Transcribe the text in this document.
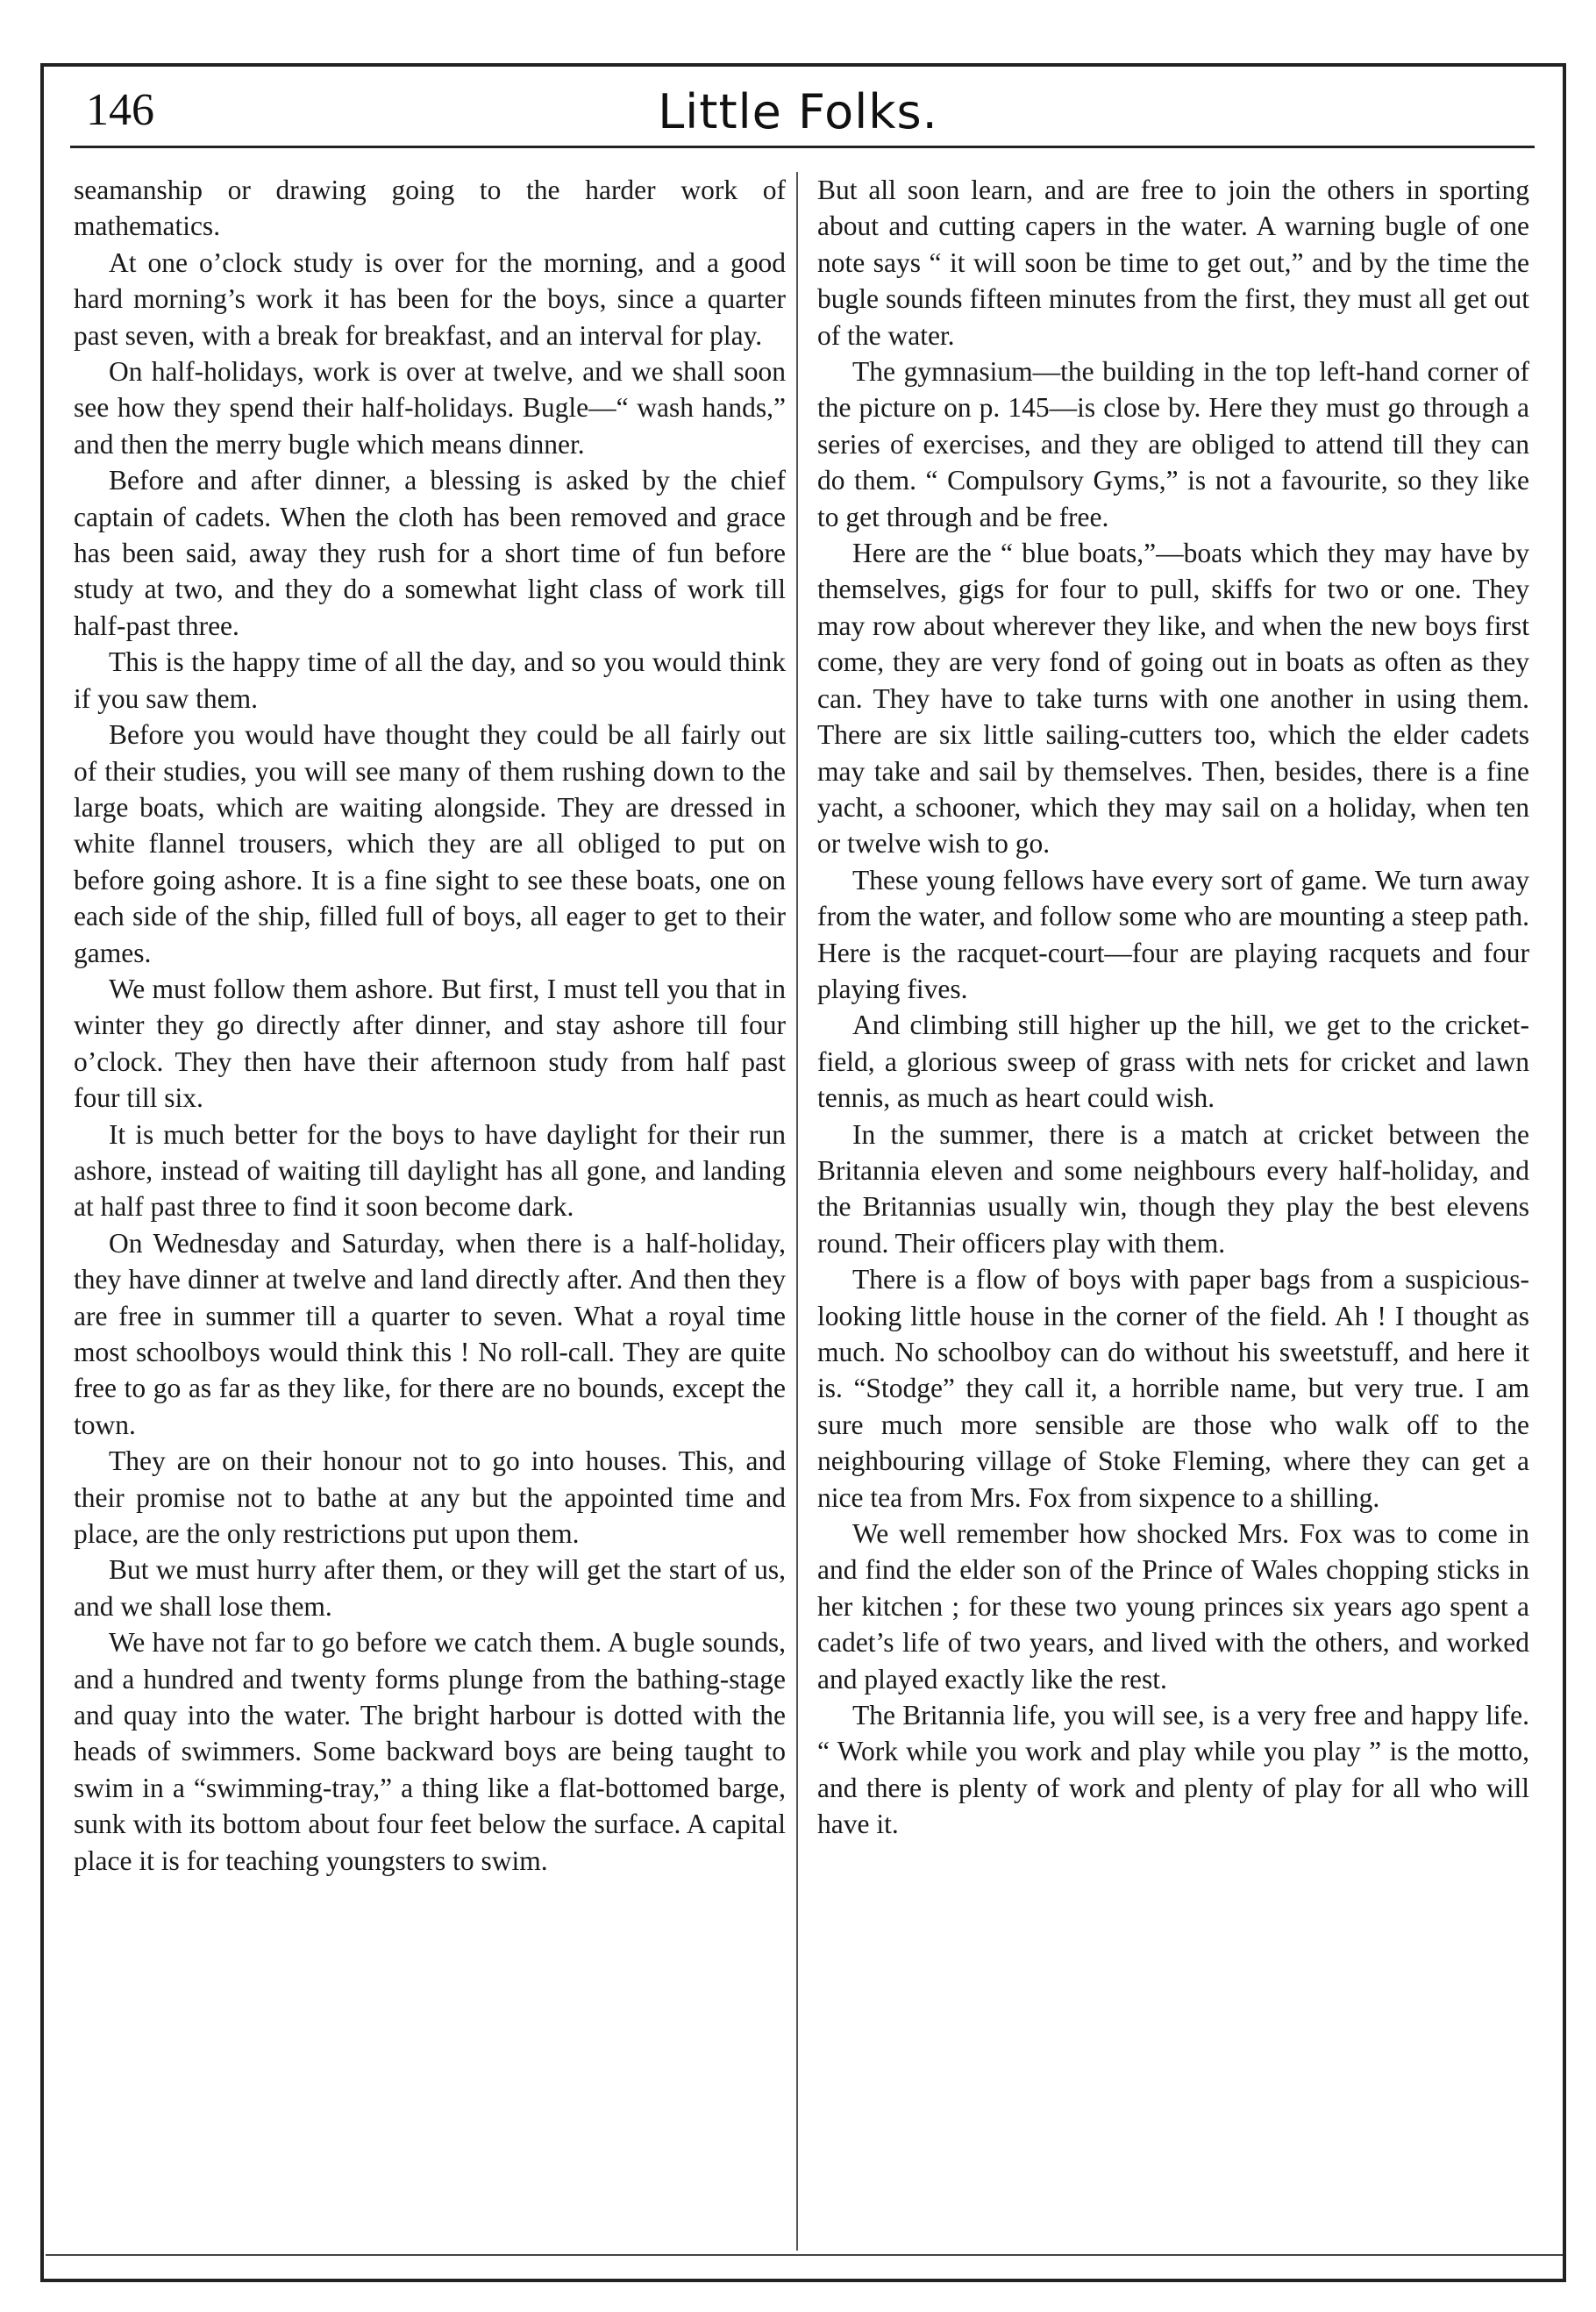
146	Little Folks.

seamanship or drawing going to the harder work of mathematics.

At one o’clock study is over for the morning, and a good hard morning’s work it has been for the boys, since a quarter past seven, with a break for breakfast, and an interval for play.

On half-holidays, work is over at twelve, and we shall soon see how they spend their half-holidays. Bugle—“ wash hands,” and then the merry bugle which means dinner.

Before and after dinner, a blessing is asked by the chief captain of cadets. When the cloth has been removed and grace has been said, away they rush for a short time of fun before study at two, and they do a somewhat light class of work till half-past three.

This is the happy time of all the day, and so you would think if you saw them.

Before you would have thought they could be all fairly out of their studies, you will see many of them rushing down to the large boats, which are waiting alongside. They are dressed in white flannel trousers, which they are all obliged to put on before going ashore. It is a fine sight to see these boats, one on each side of the ship, filled full of boys, all eager to get to their games.

We must follow them ashore. But first, I must tell you that in winter they go directly after dinner, and stay ashore till four o’clock. They then have their afternoon study from half past four till six.

It is much better for the boys to have daylight for their run ashore, instead of waiting till daylight has all gone, and landing at half past three to find it soon become dark.

On Wednesday and Saturday, when there is a half-holiday, they have dinner at twelve and land directly after. And then they are free in summer till a quarter to seven. What a royal time most schoolboys would think this ! No roll-call. They are quite free to go as far as they like, for there are no bounds, except the town.

They are on their honour not to go into houses. This, and their promise not to bathe at any but the appointed time and place, are the only restrictions put upon them.

But we must hurry after them, or they will get the start of us, and we shall lose them.

We have not far to go before we catch them. A bugle sounds, and a hundred and twenty forms plunge from the bathing-stage and quay into the water. The bright harbour is dotted with the heads of swimmers. Some backward boys are being taught to swim in a “swimming-tray,” a thing like a flat-bottomed barge, sunk with its bottom about four feet below the surface. A capital place it is for teaching youngsters to swim.

But all soon learn, and are free to join the others in sporting about and cutting capers in the water. A warning bugle of one note says “ it will soon be time to get out,” and by the time the bugle sounds fifteen minutes from the first, they must all get out of the water.

The gymnasium—the building in the top left-hand corner of the picture on p. 145—is close by. Here they must go through a series of exercises, and they are obliged to attend till they can do them. “ Compulsory Gyms,” is not a favourite, so they like to get through and be free.

Here are the “ blue boats,”—boats which they may have by themselves, gigs for four to pull, skiffs for two or one. They may row about wherever they like, and when the new boys first come, they are very fond of going out in boats as often as they can. They have to take turns with one another in using them. There are six little sailing-cutters too, which the elder cadets may take and sail by themselves. Then, besides, there is a fine yacht, a schooner, which they may sail on a holiday, when ten or twelve wish to go.

These young fellows have every sort of game. We turn away from the water, and follow some who are mounting a steep path. Here is the racquet-court—four are playing racquets and four playing fives.

And climbing still higher up the hill, we get to the cricket-field, a glorious sweep of grass with nets for cricket and lawn tennis, as much as heart could wish.

In the summer, there is a match at cricket between the Britannia eleven and some neighbours every half-holiday, and the Britannias usually win, though they play the best elevens round. Their officers play with them.

There is a flow of boys with paper bags from a suspicious-looking little house in the corner of the field. Ah ! I thought as much. No schoolboy can do without his sweetstuff, and here it is. “Stodge” they call it, a horrible name, but very true. I am sure much more sensible are those who walk off to the neighbouring village of Stoke Fleming, where they can get a nice tea from Mrs. Fox from sixpence to a shilling.

We well remember how shocked Mrs. Fox was to come in and find the elder son of the Prince of Wales chopping sticks in her kitchen ; for these two young princes six years ago spent a cadet’s life of two years, and lived with the others, and worked and played exactly like the rest.

The Britannia life, you will see, is a very free and happy life. “ Work while you work and play while you play ” is the motto, and there is plenty of work and plenty of play for all who will have it.
